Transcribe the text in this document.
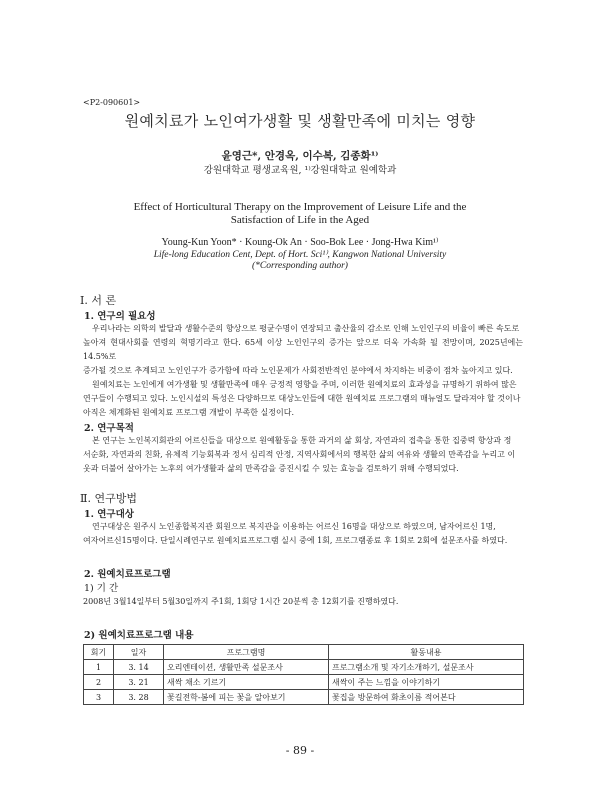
<P2-090601>
원예치료가 노인여가생활 및 생활만족에 미치는 영향
윤영근*, 안경옥, 이수복, 김종화¹⁾
강원대학교 평생교육원, ¹⁾강원대학교 원예학과
Effect of Horticultural Therapy on the Improvement of Leisure Life and the
Satisfaction of Life in the Aged
Young-Kun Yoon* · Koung-Ok An · Soo-Bok Lee · Jong-Hwa Kim¹⁾
Life-long Education Cent, Dept. of Hort. Sci¹⁾, Kangwon National University
(*Corresponding author)
Ⅰ. 서 론
1. 연구의 필요성
우리나라는 의학의 발달과 생활수준의 향상으로 평균수명이 연장되고 출산율의 감소로 인해 노인인구의 비율이 빠른 속도로
높아져 현대사회를 연령의 혁명기라고 한다. 65세 이상 노인인구의 증가는 앞으로 더욱 가속화 될 전망이며, 2025년에는 14.5%로
증가될 것으로 추계되고 노인인구가 증가함에 따라 노인문제가 사회전반적인 분야에서 차지하는 비중이 점차 높아지고 있다.
원예치료는 노인에게 여가생활 및 생활만족에 매우 긍정적 영향을 주며, 이러한 원예치료의 효과성을 규명하기 위하여 많은
연구들이 수행되고 있다. 노인시설의 특성은 다양하므로 대상노인들에 대한 원예치료 프로그램의 매뉴얼도 달라져야 할 것이나
아직은 체계화된 원예치료 프로그램 개발이 부족한 실정이다.
2. 연구목적
본 연구는 노인복지회관의 어르신들을 대상으로 원예활동을 통한 과거의 삶 회상, 자연과의 접촉을 통한 집중력 향상과 정
서순화, 자연과의 친화, 유체적 기능회복과 정서 심리적 안정, 지역사회에서의 행복한 삶의 여유와 생활의 만족감을 누리고 이
웃과 더불어 살아가는 노후의 여가생활과 삶의 만족감을 증진시킬 수 있는 효능을 검토하기 위해 수행되었다.
Ⅱ. 연구방법
1. 연구대상
연구대상은 원주시 노인종합복지관 회원으로 복지관을 이용하는 어르신 16명을 대상으로 하였으며, 남자어르신 1명,
여자어르신15명이다. 단일시례연구로 원예치료프로그램 실시 중에 1회, 프로그램종료 후 1회로 2회에 설문조사를 하였다.
2. 원예치료프로그램
1) 기 간
2008년 3월14일부터 5월30일까지 주1회, 1회당 1시간 20분씩 총 12회기를 진행하였다.
2) 원예치료프로그램 내용
회기	일자	프로그램명	활동내용
1	3. 14	오리엔테이션, 생활만족 설문조사	프로그램소개 및 자기소개하기, 설문조사
2	3. 21	새싹 채소 기르기	새싹이 주는 느낌을 이야기하기
3	3. 28	꽃길전학-봄에 피는 꽃을 알아보기	꽃집을 방문하여 화초이름 적어본다
- 89 -
